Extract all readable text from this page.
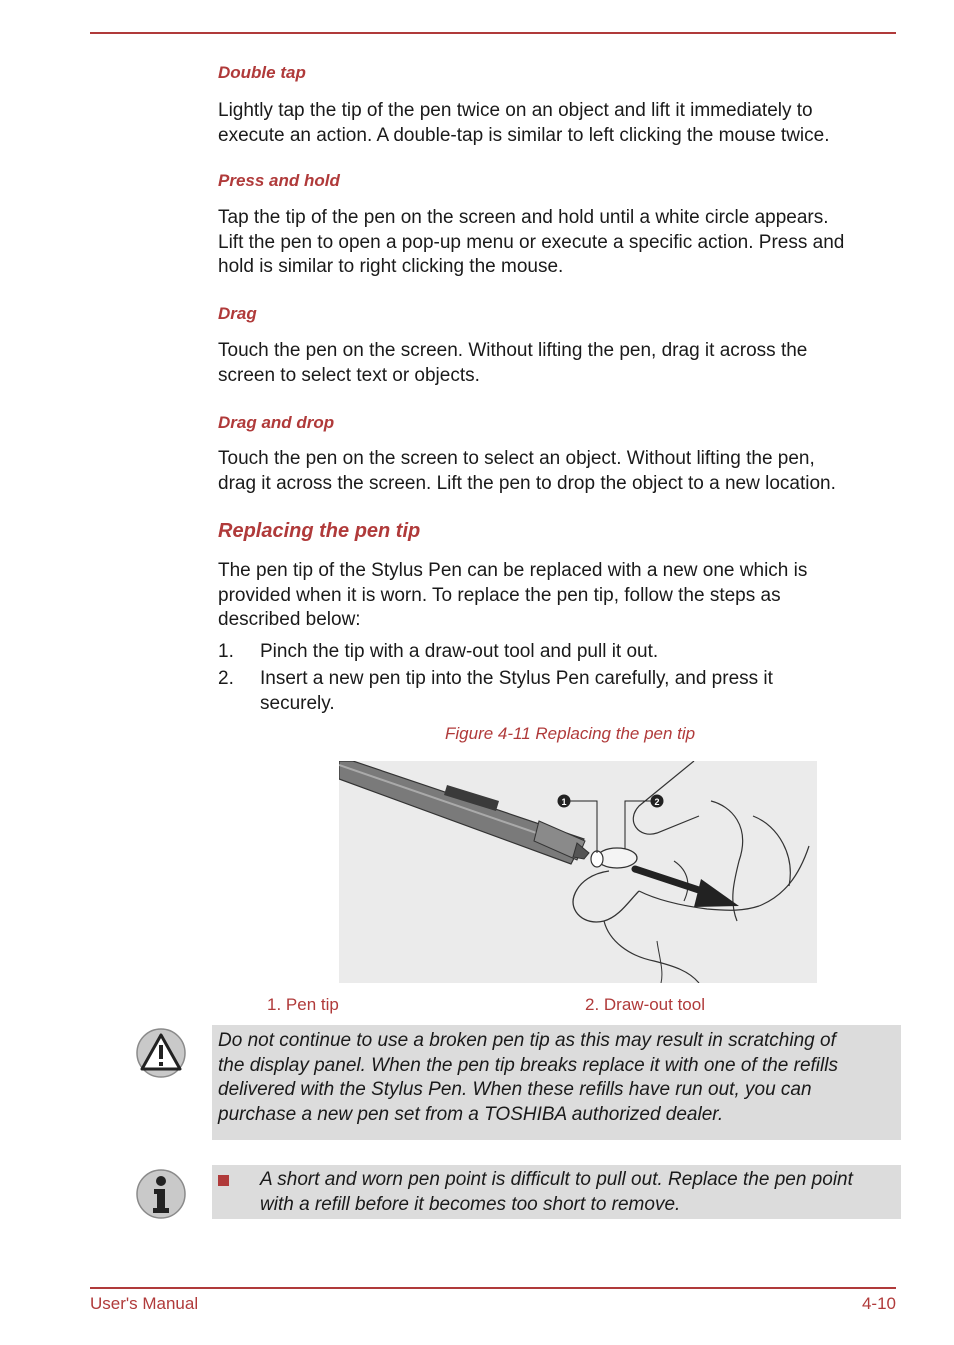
Double tap
Lightly tap the tip of the pen twice on an object and lift it immediately to
execute an action. A double-tap is similar to left clicking the mouse twice.
Press and hold
Tap the tip of the pen on the screen and hold until a white circle appears.
Lift the pen to open a pop-up menu or execute a specific action. Press and
hold is similar to right clicking the mouse.
Drag
Touch the pen on the screen. Without lifting the pen, drag it across the
screen to select text or objects.
Drag and drop
Touch the pen on the screen to select an object. Without lifting the pen,
drag it across the screen. Lift the pen to drop the object to a new location.
Replacing the pen tip
The pen tip of the Stylus Pen can be replaced with a new one which is
provided when it is worn. To replace the pen tip, follow the steps as
described below:
1. Pinch the tip with a draw-out tool and pull it out.
2. Insert a new pen tip into the Stylus Pen carefully, and press it
securely.
Figure 4-11 Replacing the pen tip
1	2
1. Pen tip	2. Draw-out tool
Do not continue to use a broken pen tip as this may result in scratching of
the display panel. When the pen tip breaks replace it with one of the refills
delivered with the Stylus Pen. When these refills have run out, you can
purchase a new pen set from a TOSHIBA authorized dealer.
A short and worn pen point is difficult to pull out. Replace the pen point
with a refill before it becomes too short to remove.
User's Manual	4-10
